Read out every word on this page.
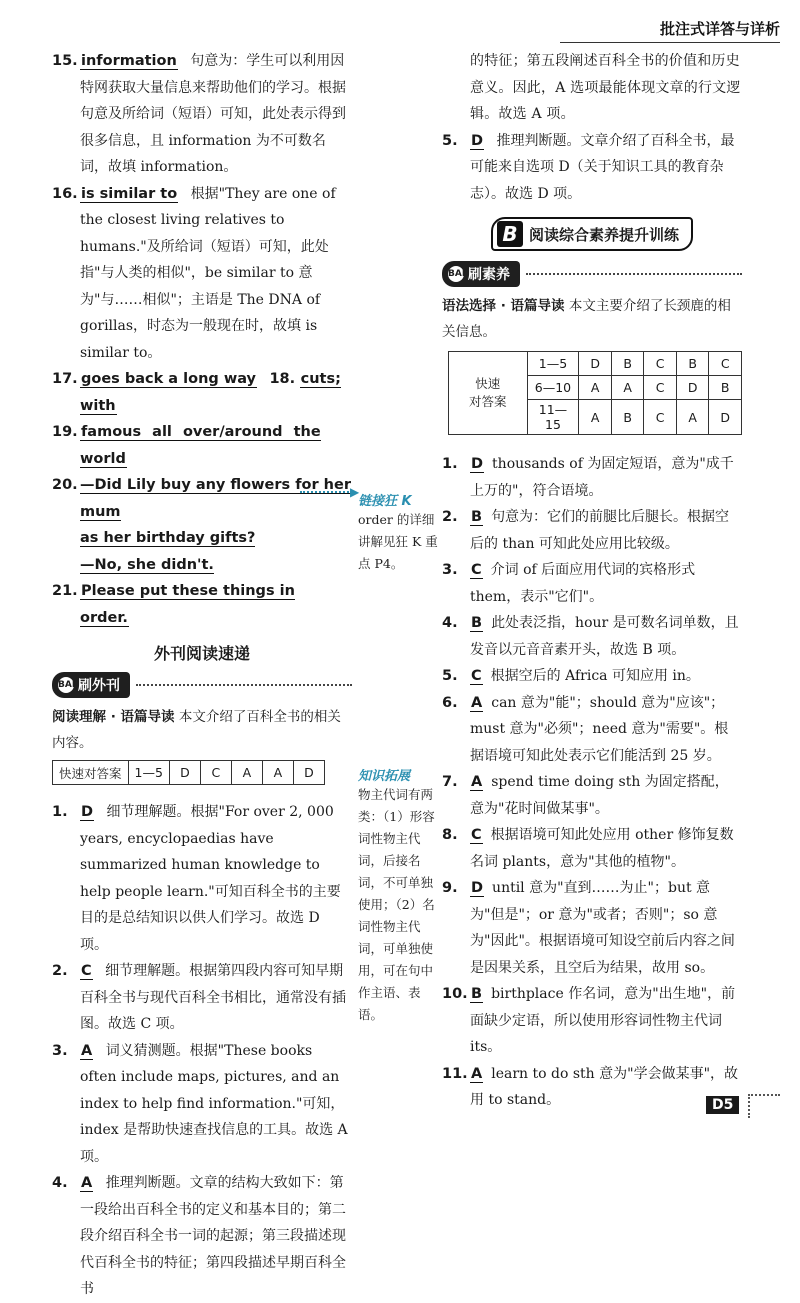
批注式详答与详析
15. information 句意为：学生可以利用因特网获取大量信息来帮助他们的学习。根据句意及所给词（短语）可知，此处表示得到很多信息，且 information 为不可数名词，故填 information。
16. is similar to 根据"They are one of the closest living relatives to humans."及所给词（短语）可知，此处指"与人类的相似"，be similar to 意为"与……相似"；主语是 The DNA of gorillas，时态为一般现在时，故填 is similar to。
17. goes back a long way 18. cuts; with
19. famous all over/around the world
20. —Did Lily buy any flowers for her mum
as her birthday gifts?
—No, she didn't.
21. Please put these things in order.
外刊阅读速递
BAI 刷外刊
阅读理解 · 语篇导读 本文介绍了百科全书的相关内容。
快速对答案	1—5	D	C	A	A	D
1. D 细节理解题。根据"For over 2, 000 years, encyclopaedias have summarized human knowledge to help people learn."可知百科全书的主要目的是总结知识以供人们学习。故选 D 项。
2. C 细节理解题。根据第四段内容可知早期百科全书与现代百科全书相比，通常没有插图。故选 C 项。
3. A 词义猜测题。根据"These books often include maps, pictures, and an index to help find information."可知，index 是帮助快速查找信息的工具。故选 A 项。
4. A 推理判断题。文章的结构大致如下：第一段给出百科全书的定义和基本目的；第二段介绍百科全书一词的起源；第三段描述现代百科全书的特征；第四段描述早期百科全书
▶
链接狂 K
order 的详细讲解见狂 K 重点 P4。
知识拓展
物主代词有两类：（1）形容词性物主代词，后接名词，不可单独使用；（2）名词性物主代词，可单独使用，可在句中作主语、表语。

的特征；第五段阐述百科全书的价值和历史意义。因此，A 选项最能体现文章的行文逻辑。故选 A 项。

5. D 推理判断题。文章介绍了百科全书，最可能来自选项 D（关于知识工具的教育杂志）。故选 D 项。
B 阅读综合素养提升训练
BAI 刷素养
语法选择 · 语篇导读 本文主要介绍了长颈鹿的相关信息。
快速
对答案	1—5	D	B	C	B	C
	6—10	A	A	C	D	B
	11—15	A	B	C	A	D
1. D thousands of 为固定短语，意为"成千上万的"，符合语境。
2. B 句意为：它们的前腿比后腿长。根据空后的 than 可知此处应用比较级。
3. C 介词 of 后面应用代词的宾格形式 them，表示"它们"。
4. B 此处表泛指，hour 是可数名词单数，且发音以元音音素开头，故选 B 项。
5. C 根据空后的 Africa 可知应用 in。
6. A can 意为"能"；should 意为"应该"；must 意为"必须"；need 意为"需要"。根据语境可知此处表示它们能活到 25 岁。
7. A spend time doing sth 为固定搭配，意为"花时间做某事"。
8. C 根据语境可知此处应用 other 修饰复数名词 plants，意为"其他的植物"。
9. D until 意为"直到……为止"；but 意为"但是"；or 意为"或者；否则"；so 意为"因此"。根据语境可知设空前后内容之间是因果关系，且空后为结果，故用 so。
10. B birthplace 作名词，意为"出生地"，前面缺少定语，所以使用形容词性物主代词 its。
11. A learn to do sth 意为"学会做某事"，故用 to stand。	D5
